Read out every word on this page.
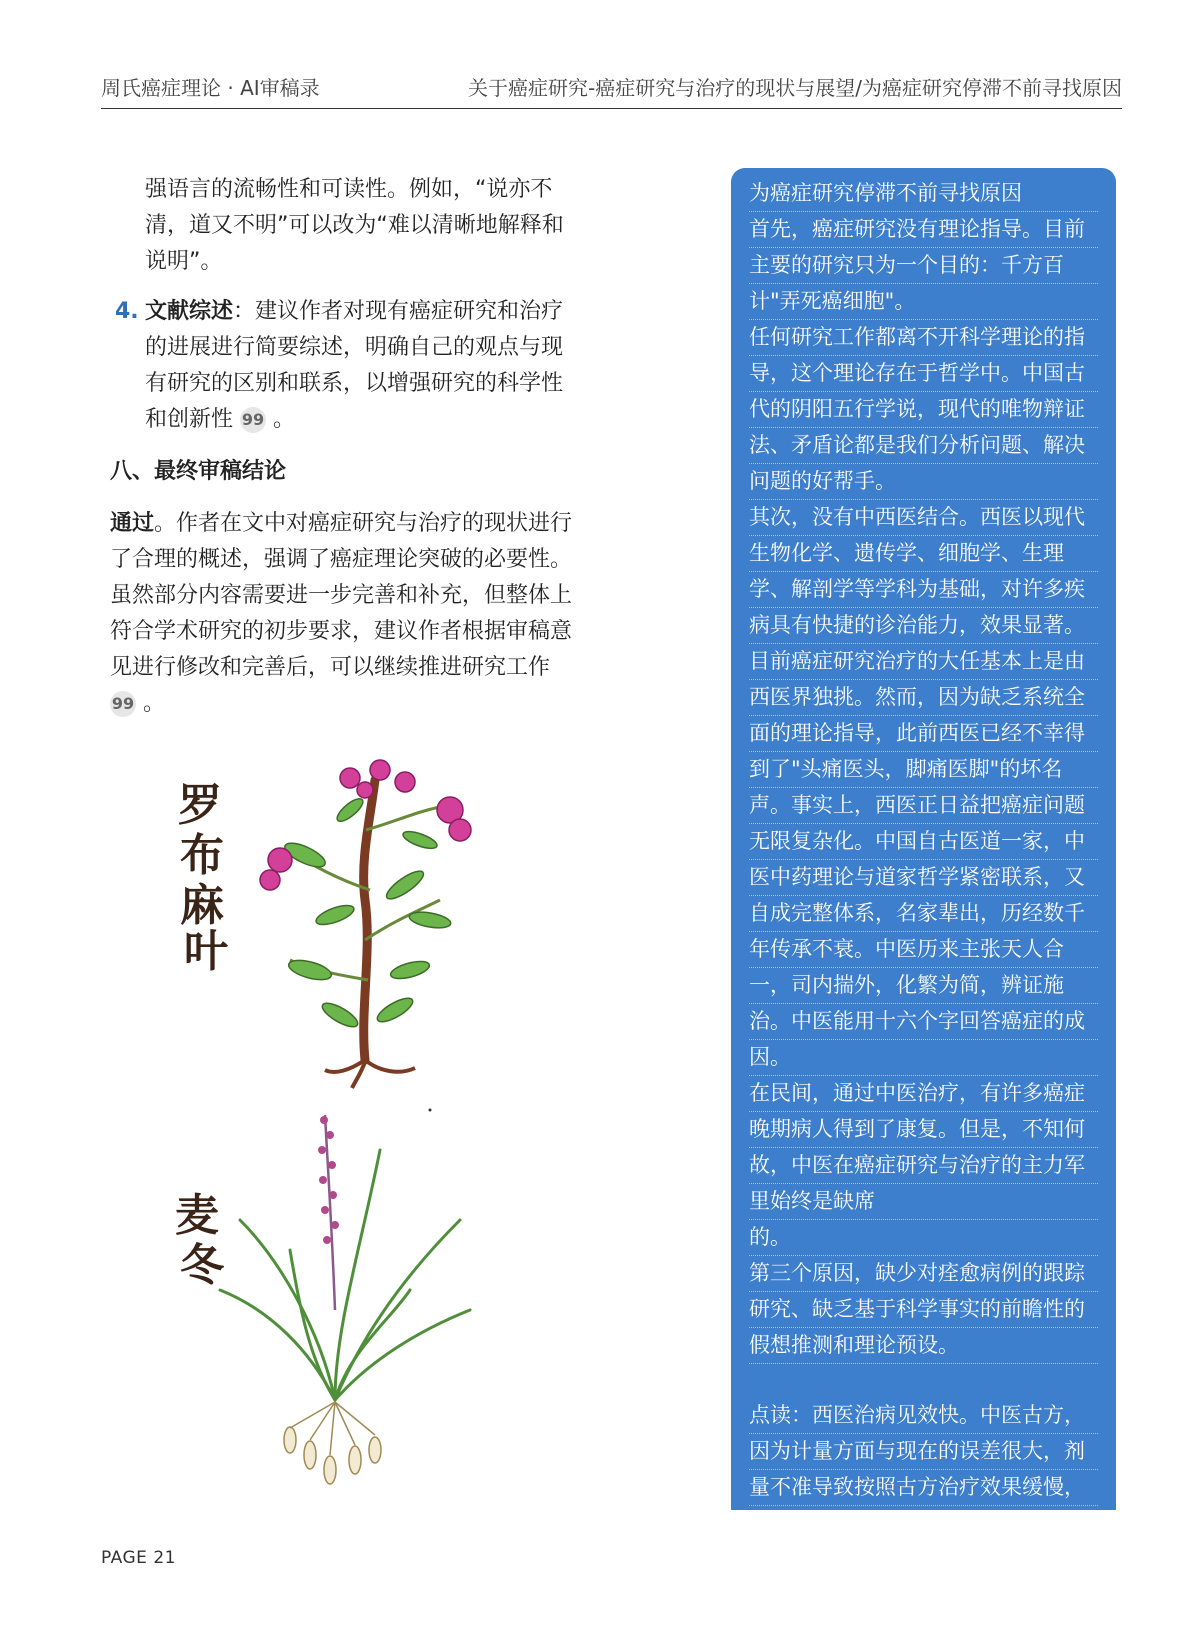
周氏癌症理论 · AI审稿录	关于癌症研究-癌症研究与治疗的现状与展望/为癌症研究停滞不前寻找原因
强语言的流畅性和可读性。例如，“说亦不清，道又不明”可以改为“难以清晰地解释和说明”。
4. 文献综述：建议作者对现有癌症研究和治疗的进展进行简要综述，明确自己的观点与现有研究的区别和联系，以增强研究的科学性和创新性 99 。
八、最终审稿结论
通过。作者在文中对癌症研究与治疗的现状进行了合理的概述，强调了癌症理论突破的必要性。虽然部分内容需要进一步完善和补充，但整体上符合学术研究的初步要求，建议作者根据审稿意见进行修改和完善后，可以继续推进研究工作 99 。
罗
布
麻
叶
麦
冬
为癌症研究停滞不前寻找原因
首先，癌症研究没有理论指导。目前
主要的研究只为一个目的：千方百
计"弄死癌细胞"。
任何研究工作都离不开科学理论的指
导，这个理论存在于哲学中。中国古
代的阴阳五行学说，现代的唯物辩证
法、矛盾论都是我们分析问题、解决
问题的好帮手。
其次，没有中西医结合。西医以现代
生物化学、遗传学、细胞学、生理
学、解剖学等学科为基础，对许多疾
病具有快捷的诊治能力，效果显著。
目前癌症研究治疗的大任基本上是由
西医界独挑。然而，因为缺乏系统全
面的理论指导，此前西医已经不幸得
到了"头痛医头，脚痛医脚"的坏名
声。事实上，西医正日益把癌症问题
无限复杂化。中国自古医道一家，中
医中药理论与道家哲学紧密联系，又
自成完整体系，名家辈出，历经数千
年传承不衰。中医历来主张天人合
一，司内揣外，化繁为简，辨证施
治。中医能用十六个字回答癌症的成
因。
在民间，通过中医治疗，有许多癌症
晚期病人得到了康复。但是，不知何
故，中医在癌症研究与治疗的主力军
里始终是缺席
的。
第三个原因，缺少对痊愈病例的跟踪
研究、缺乏基于科学事实的前瞻性的
假想推测和理论预设。
点读：西医治病见效快。中医古方，
因为计量方面与现在的误差很大，剂
量不准导致按照古方治疗效果缓慢，
达不到药到病除的境界。自然而然，
PAGE 21
